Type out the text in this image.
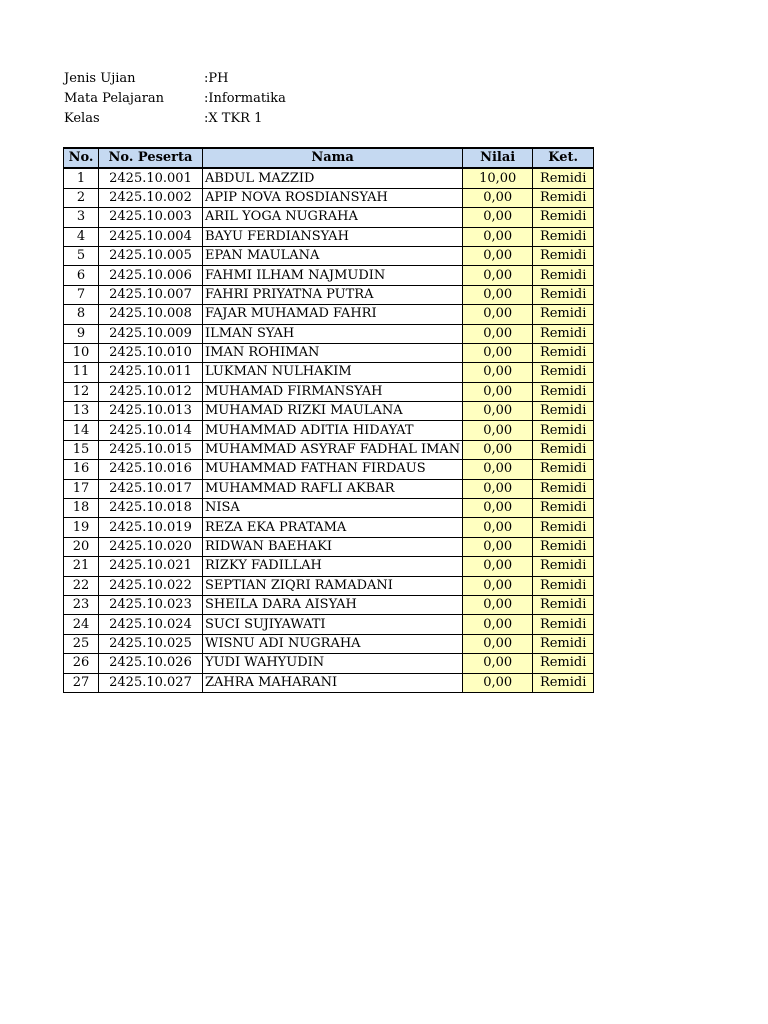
Jenis Ujian	:PH
Mata Pelajaran	:Informatika
Kelas	:X TKR 1
No.	No. Peserta	Nama	Nilai	Ket.
1	2425.10.001	ABDUL MAZZID	10,00	Remidi
2	2425.10.002	APIP NOVA ROSDIANSYAH	0,00	Remidi
3	2425.10.003	ARIL YOGA NUGRAHA	0,00	Remidi
4	2425.10.004	BAYU FERDIANSYAH	0,00	Remidi
5	2425.10.005	EPAN MAULANA	0,00	Remidi
6	2425.10.006	FAHMI ILHAM NAJMUDIN	0,00	Remidi
7	2425.10.007	FAHRI PRIYATNA PUTRA	0,00	Remidi
8	2425.10.008	FAJAR MUHAMAD FAHRI	0,00	Remidi
9	2425.10.009	ILMAN SYAH	0,00	Remidi
10	2425.10.010	IMAN ROHIMAN	0,00	Remidi
11	2425.10.011	LUKMAN NULHAKIM	0,00	Remidi
12	2425.10.012	MUHAMAD FIRMANSYAH	0,00	Remidi
13	2425.10.013	MUHAMAD RIZKI MAULANA	0,00	Remidi
14	2425.10.014	MUHAMMAD ADITIA HIDAYAT	0,00	Remidi
15	2425.10.015	MUHAMMAD ASYRAF FADHAL IMAN	0,00	Remidi
16	2425.10.016	MUHAMMAD FATHAN FIRDAUS	0,00	Remidi
17	2425.10.017	MUHAMMAD RAFLI AKBAR	0,00	Remidi
18	2425.10.018	NISA	0,00	Remidi
19	2425.10.019	REZA EKA PRATAMA	0,00	Remidi
20	2425.10.020	RIDWAN BAEHAKI	0,00	Remidi
21	2425.10.021	RIZKY FADILLAH	0,00	Remidi
22	2425.10.022	SEPTIAN ZIQRI RAMADANI	0,00	Remidi
23	2425.10.023	SHEILA DARA AISYAH	0,00	Remidi
24	2425.10.024	SUCI SUJIYAWATI	0,00	Remidi
25	2425.10.025	WISNU ADI NUGRAHA	0,00	Remidi
26	2425.10.026	YUDI WAHYUDIN	0,00	Remidi
27	2425.10.027	ZAHRA MAHARANI	0,00	Remidi
